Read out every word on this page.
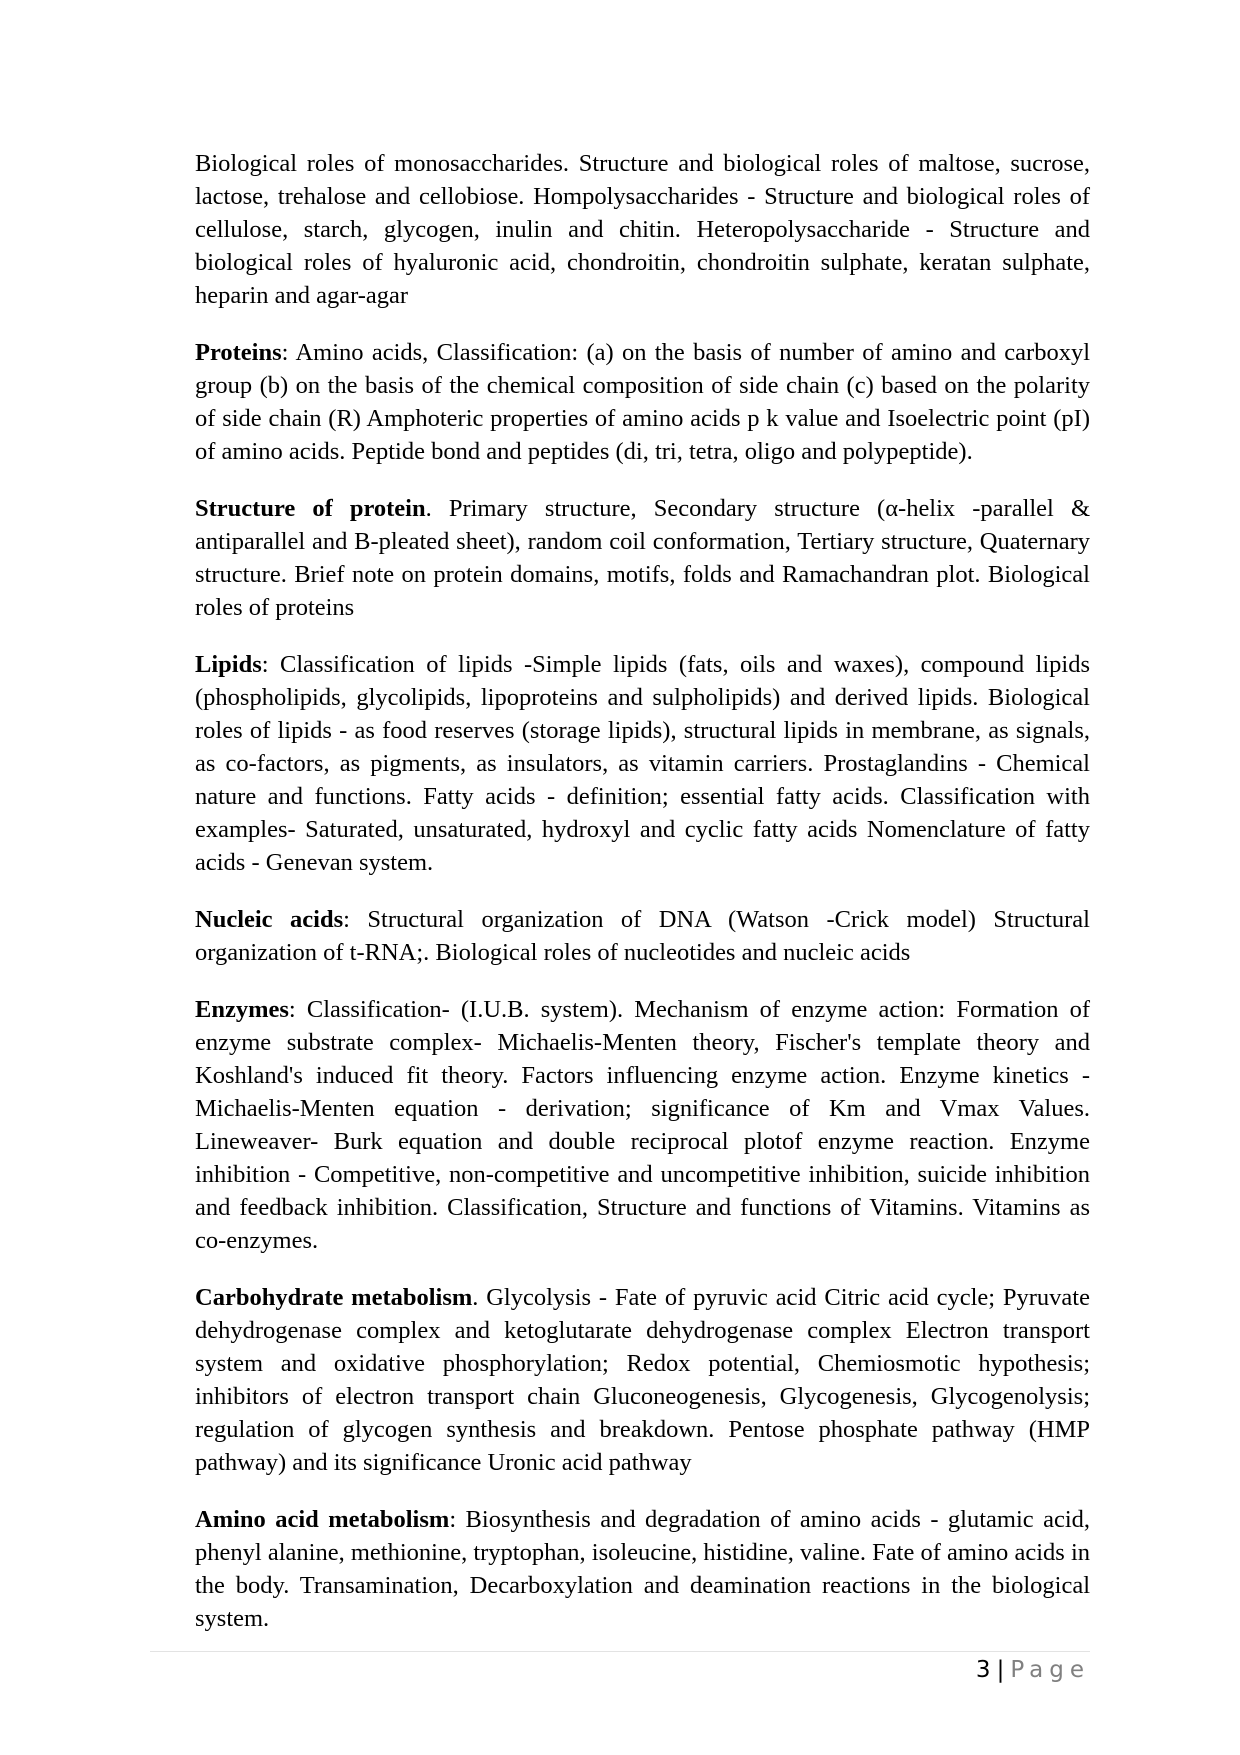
Biological roles of monosaccharides. Structure and biological roles of maltose, sucrose, lactose, trehalose and cellobiose. Hompolysaccharides - Structure and biological roles of cellulose, starch, glycogen, inulin and chitin. Heteropolysaccharide - Structure and biological roles of hyaluronic acid, chondroitin, chondroitin sulphate, keratan sulphate, heparin and agar-agar

Proteins: Amino acids, Classification: (a) on the basis of number of amino and carboxyl group (b) on the basis of the chemical composition of side chain (c) based on the polarity of side chain (R) Amphoteric properties of amino acids p k value and Isoelectric point (pI) of amino acids. Peptide bond and peptides (di, tri, tetra, oligo and polypeptide).

Structure of protein. Primary structure, Secondary structure (α-helix -parallel & antiparallel and B-pleated sheet), random coil conformation, Tertiary structure, Quaternary structure. Brief note on protein domains, motifs, folds and Ramachandran plot. Biological roles of proteins

Lipids: Classification of lipids -Simple lipids (fats, oils and waxes), compound lipids (phospholipids, glycolipids, lipoproteins and sulpholipids) and derived lipids. Biological roles of lipids - as food reserves (storage lipids), structural lipids in membrane, as signals, as co-factors, as pigments, as insulators, as vitamin carriers. Prostaglandins - Chemical nature and functions. Fatty acids - definition; essential fatty acids. Classification with examples- Saturated, unsaturated, hydroxyl and cyclic fatty acids Nomenclature of fatty acids - Genevan system.

Nucleic acids: Structural organization of DNA (Watson -Crick model) Structural organization of t-RNA;. Biological roles of nucleotides and nucleic acids

Enzymes: Classification- (I.U.B. system). Mechanism of enzyme action: Formation of enzyme substrate complex- Michaelis-Menten theory, Fischer's template theory and Koshland's induced fit theory. Factors influencing enzyme action. Enzyme kinetics - Michaelis-Menten equation - derivation; significance of Km and Vmax Values. Lineweaver- Burk equation and double reciprocal plotof enzyme reaction. Enzyme inhibition - Competitive, non-competitive and uncompetitive inhibition, suicide inhibition and feedback inhibition. Classification, Structure and functions of Vitamins. Vitamins as co-enzymes.

Carbohydrate metabolism. Glycolysis - Fate of pyruvic acid Citric acid cycle; Pyruvate dehydrogenase complex and ketoglutarate dehydrogenase complex Electron transport system and oxidative phosphorylation; Redox potential, Chemiosmotic hypothesis; inhibitors of electron transport chain Gluconeogenesis, Glycogenesis, Glycogenolysis; regulation of glycogen synthesis and breakdown. Pentose phosphate pathway (HMP pathway) and its significance Uronic acid pathway

Amino acid metabolism: Biosynthesis and degradation of amino acids - glutamic acid, phenyl alanine, methionine, tryptophan, isoleucine, histidine, valine. Fate of amino acids in the body. Transamination, Decarboxylation and deamination reactions in the biological system.

3 | Page
